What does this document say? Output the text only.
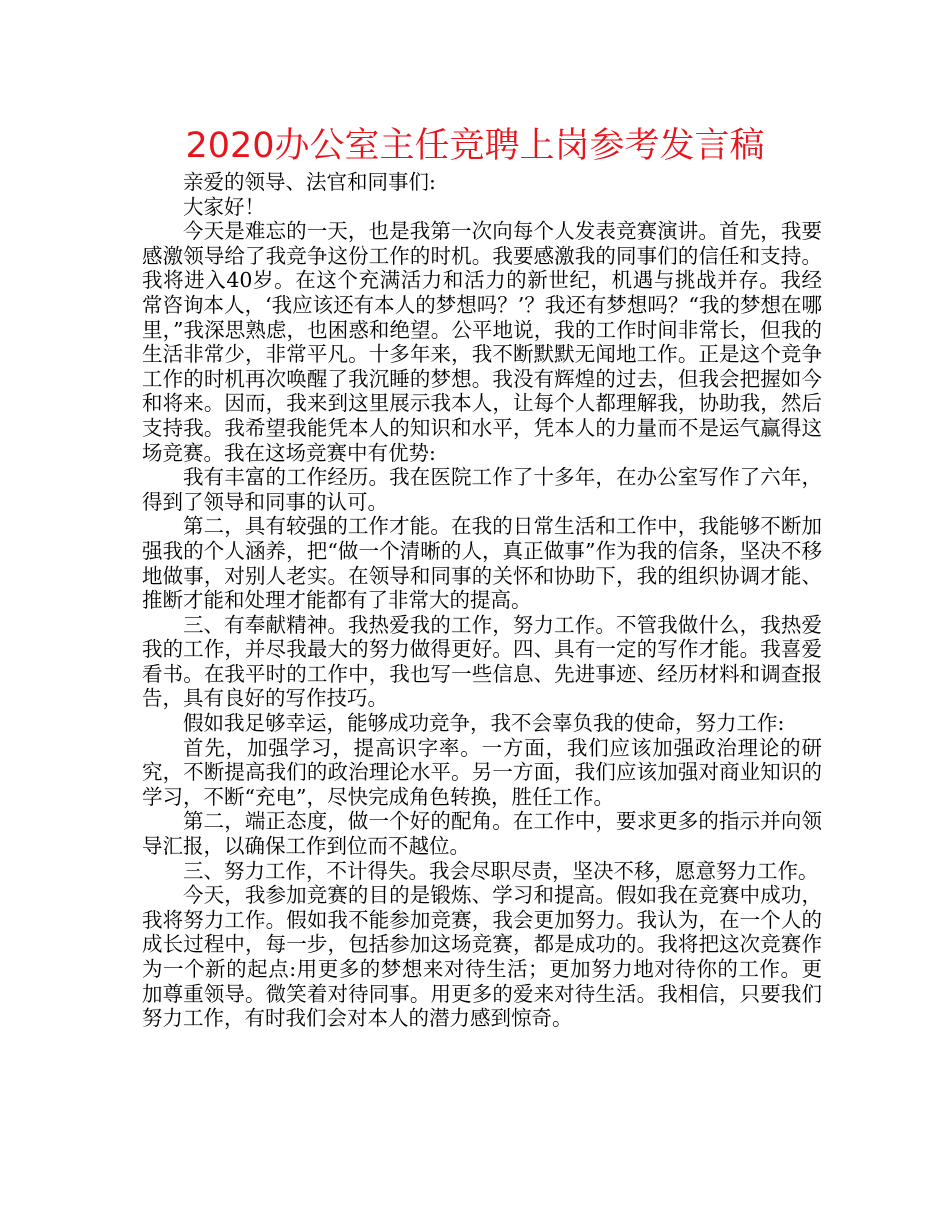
2020办公室主任竞聘上岗参考发言稿

亲爱的领导、法官和同事们:

大家好！

今天是难忘的一天，也是我第一次向每个人发表竞赛演讲。首先，我要感激领导给了我竞争这份工作的时机。我要感激我的同事们的信任和支持。我将进入40岁。在这个充满活力和活力的新世纪，机遇与挑战并存。我经常咨询本人，‘我应该还有本人的梦想吗？’？我还有梦想吗？“我的梦想在哪里，”我深思熟虑，也困惑和绝望。公平地说，我的工作时间非常长，但我的生活非常少，非常平凡。十多年来，我不断默默无闻地工作。正是这个竞争工作的时机再次唤醒了我沉睡的梦想。我没有辉煌的过去，但我会把握如今和将来。因而，我来到这里展示我本人，让每个人都理解我，协助我，然后支持我。我希望我能凭本人的知识和水平，凭本人的力量而不是运气赢得这场竞赛。我在这场竞赛中有优势:

我有丰富的工作经历。我在医院工作了十多年，在办公室写作了六年，得到了领导和同事的认可。

第二，具有较强的工作才能。在我的日常生活和工作中，我能够不断加强我的个人涵养，把“做一个清晰的人，真正做事”作为我的信条，坚决不移地做事，对别人老实。在领导和同事的关怀和协助下，我的组织协调才能、推断才能和处理才能都有了非常大的提高。

三、有奉献精神。我热爱我的工作，努力工作。不管我做什么，我热爱我的工作，并尽我最大的努力做得更好。四、具有一定的写作才能。我喜爱看书。在我平时的工作中，我也写一些信息、先进事迹、经历材料和调查报告，具有良好的写作技巧。

假如我足够幸运，能够成功竞争，我不会辜负我的使命，努力工作:

首先，加强学习，提高识字率。一方面，我们应该加强政治理论的研究，不断提高我们的政治理论水平。另一方面，我们应该加强对商业知识的学习，不断“充电”，尽快完成角色转换，胜任工作。

第二，端正态度，做一个好的配角。在工作中，要求更多的指示并向领导汇报，以确保工作到位而不越位。

三、努力工作，不计得失。我会尽职尽责，坚决不移，愿意努力工作。

今天，我参加竞赛的目的是锻炼、学习和提高。假如我在竞赛中成功，我将努力工作。假如我不能参加竞赛，我会更加努力。我认为，在一个人的成长过程中，每一步，包括参加这场竞赛，都是成功的。我将把这次竞赛作为一个新的起点:用更多的梦想来对待生活；更加努力地对待你的工作。更加尊重领导。微笑着对待同事。用更多的爱来对待生活。我相信，只要我们努力工作，有时我们会对本人的潜力感到惊奇。
